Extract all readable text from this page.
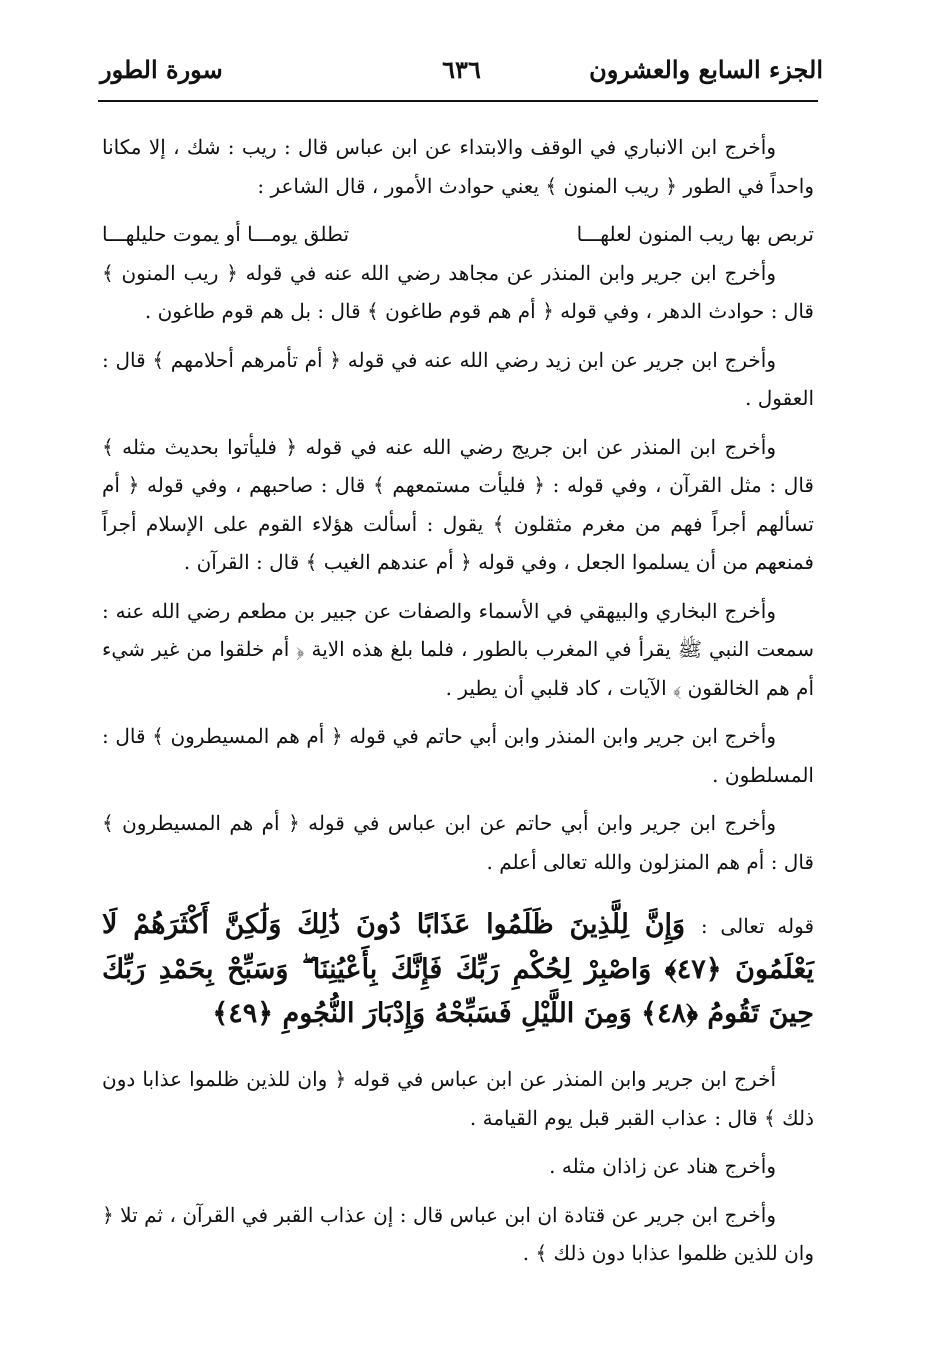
الجزء السابع والعشرون
٦٣٦
سورة الطور

وأخرج ابن الانباري في الوقف والابتداء عن ابن عباس قال : ريب : شك ، إلا مكانا واحداً في الطور ﴿ ريب المنون ﴾ يعني حوادث الأمور ، قال الشاعر :

تربص بها ريب المنون لعلهـــا
تطلق يومـــا أو يموت حليلهـــا

وأخرج ابن جرير وابن المنذر عن مجاهد رضي الله عنه في قوله ﴿ ريب المنون ﴾ قال : حوادث الدهر ، وفي قوله ﴿ أم هم قوم طاغون ﴾ قال : بل هم قوم طاغون .

وأخرج ابن جرير عن ابن زيد رضي الله عنه في قوله ﴿ أم تأمرهم أحلامهم ﴾ قال : العقول .

وأخرج ابن المنذر عن ابن جريج رضي الله عنه في قوله ﴿ فليأتوا بحديث مثله ﴾ قال : مثل القرآن ، وفي قوله : ﴿ فليأت مستمعهم ﴾ قال : صاحبهم ، وفي قوله ﴿ أم تسألهم أجراً فهم من مغرم مثقلون ﴾ يقول : أسألت هؤلاء القوم على الإسلام أجراً فمنعهم من أن يسلموا الجعل ، وفي قوله ﴿ أم عندهم الغيب ﴾ قال : القرآن .

وأخرج البخاري والبيهقي في الأسماء والصفات عن جبير بن مطعم رضي الله عنه : سمعت النبي ﷺ يقرأ في المغرب بالطور ، فلما بلغ هذه الاية ﴿ أم خلقوا من غير شيء أم هم الخالقون ﴾ الآيات ، كاد قلبي أن يطير .

وأخرج ابن جرير وابن المنذر وابن أبي حاتم في قوله ﴿ أم هم المسيطرون ﴾ قال : المسلطون .

وأخرج ابن جرير وابن أبي حاتم عن ابن عباس في قوله ﴿ أم هم المسيطرون ﴾ قال : أم هم المنزلون والله تعالى أعلم .

قوله تعالى : وَإِنَّ لِلَّذِينَ ظَلَمُوا عَذَابًا دُونَ ذَٰلِكَ وَلَٰكِنَّ أَكْثَرَهُمْ لَا يَعْلَمُونَ ﴿٤٧﴾ وَاصْبِرْ لِحُكْمِ رَبِّكَ فَإِنَّكَ بِأَعْيُنِنَا ۖ وَسَبِّحْ بِحَمْدِ رَبِّكَ حِينَ تَقُومُ ﴿٤٨﴾ وَمِنَ اللَّيْلِ فَسَبِّحْهُ وَإِدْبَارَ النُّجُومِ ﴿٤٩﴾

أخرج ابن جرير وابن المنذر عن ابن عباس في قوله ﴿ وان للذين ظلموا عذابا دون ذلك ﴾ قال : عذاب القبر قبل يوم القيامة .

وأخرج هناد عن زاذان مثله .

وأخرج ابن جرير عن قتادة ان ابن عباس قال : إن عذاب القبر في القرآن ، ثم تلا ﴿ وان للذين ظلموا عذابا دون ذلك ﴾ .
